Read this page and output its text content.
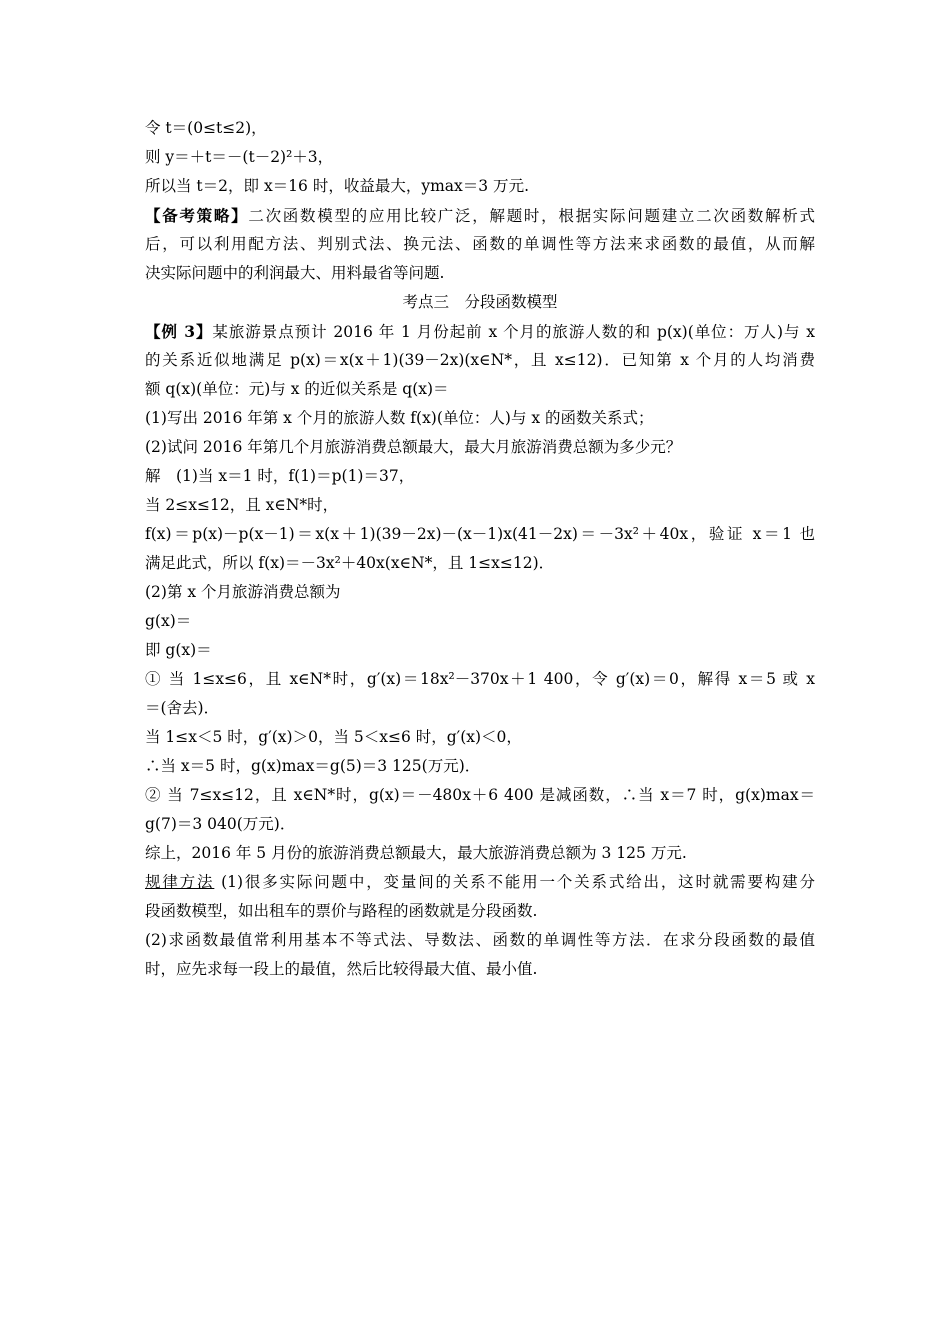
令 t＝(0≤t≤2)，
则 y＝＋t＝－(t－2)²＋3，
所以当 t＝2，即 x＝16 时，收益最大，ymax＝3 万元.
【备考策略】二次函数模型的应用比较广泛，解题时，根据实际问题建立二次函数解析式
后，可以利用配方法、判别式法、换元法、函数的单调性等方法来求函数的最值，从而解
决实际问题中的利润最大、用料最省等问题.
考点三　分段函数模型
【例 3】某旅游景点预计 2016 年 1 月份起前 x 个月的旅游人数的和 p(x)(单位：万人)与 x
的关系近似地满足 p(x)＝x(x＋1)(39－2x)(x∈N*，且 x≤12)．已知第 x 个月的人均消费
额 q(x)(单位：元)与 x 的近似关系是 q(x)＝
(1)写出 2016 年第 x 个月的旅游人数 f(x)(单位：人)与 x 的函数关系式；
(2)试问 2016 年第几个月旅游消费总额最大，最大月旅游消费总额为多少元？
解　(1)当 x＝1 时，f(1)＝p(1)＝37，
当 2≤x≤12，且 x∈N*时，
f(x)＝p(x)－p(x－1)＝x(x＋1)(39－2x)－(x－1)x(41－2x)＝－3x²＋40x，验证 x＝1 也
满足此式，所以 f(x)＝－3x²＋40x(x∈N*，且 1≤x≤12)．
(2)第 x 个月旅游消费总额为
g(x)＝
即 g(x)＝
① 当 1≤x≤6，且 x∈N*时，g′(x)＝18x²－370x＋1 400，令 g′(x)＝0，解得 x＝5 或 x
＝(舍去)．
当 1≤x＜5 时，g′(x)＞0，当 5＜x≤6 时，g′(x)＜0，
∴当 x＝5 时，g(x)max＝g(5)＝3 125(万元)．
② 当 7≤x≤12，且 x∈N*时，g(x)＝－480x＋6 400 是减函数，∴当 x＝7 时，g(x)max＝
g(7)＝3 040(万元)．
综上，2016 年 5 月份的旅游消费总额最大，最大旅游消费总额为 3 125 万元.
规律方法 (1)很多实际问题中，变量间的关系不能用一个关系式给出，这时就需要构建分
段函数模型，如出租车的票价与路程的函数就是分段函数.
(2)求函数最值常利用基本不等式法、导数法、函数的单调性等方法．在求分段函数的最值
时，应先求每一段上的最值，然后比较得最大值、最小值.
